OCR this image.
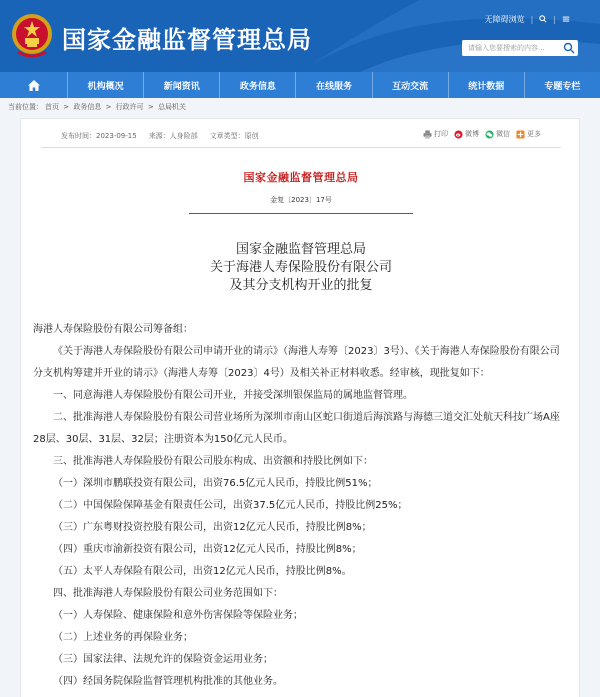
国家金融监督管理总局
无障碍浏览 |	|
请输入您要搜索的内容...
机构概况	新闻资讯	政务信息	在线服务	互动交流	统计数据	专题专栏
当前位置： 首页 > 政务信息 > 行政许可 > 总局机关
发布时间：2023-09-15 来源：人身险部 文章类型：原创	打印 微博 微信 更多
国家金融监督管理总局
金复〔2023〕17号
国家金融监督管理总局
关于海港人寿保险股份有限公司
及其分支机构开业的批复

海港人寿保险股份有限公司筹备组：

《关于海港人寿保险股份有限公司申请开业的请示》（海港人寿筹〔2023〕3号）、《关于海港人寿保险股份有限公司分支机构筹建并开业的请示》（海港人寿筹〔2023〕4号）及相关补正材料收悉。经审核，现批复如下：

一、同意海港人寿保险股份有限公司开业，并接受深圳银保监局的属地监督管理。

二、批准海港人寿保险股份有限公司营业场所为深圳市南山区蛇口街道后海滨路与海德三道交汇处航天科技广场A座28层、30层、31层、32层；注册资本为150亿元人民币。

三、批准海港人寿保险股份有限公司股东构成、出资额和持股比例如下：

（一）深圳市鹏联投资有限公司，出资76.5亿元人民币，持股比例51%；

（二）中国保险保障基金有限责任公司，出资37.5亿元人民币，持股比例25%；

（三）广东粤财投资控股有限公司，出资12亿元人民币，持股比例8%；

（四）重庆市渝新投资有限公司，出资12亿元人民币，持股比例8%；

（五）太平人寿保险有限公司，出资12亿元人民币，持股比例8%。

四、批准海港人寿保险股份有限公司业务范围如下：

（一）人寿保险、健康保险和意外伤害保险等保险业务；

（二）上述业务的再保险业务；

（三）国家法律、法规允许的保险资金运用业务；

（四）经国务院保险监督管理机构批准的其他业务。
